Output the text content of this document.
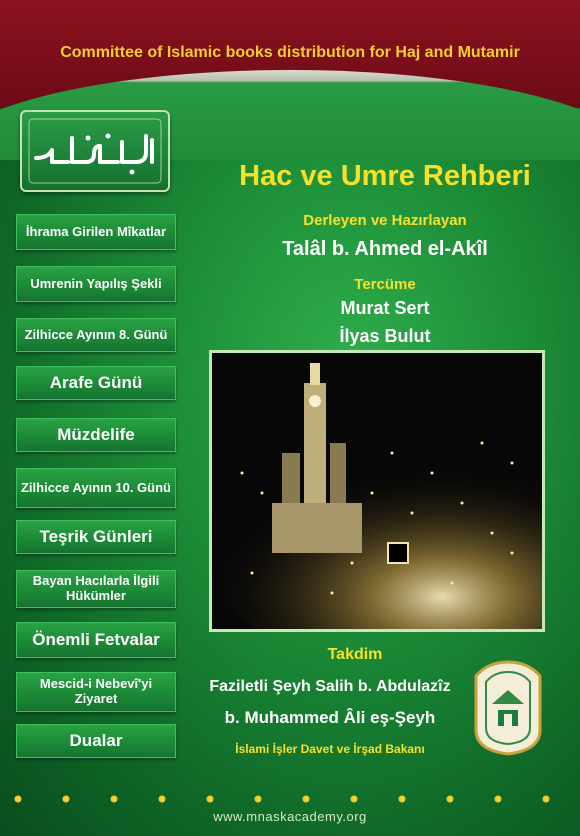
Committee of Islamic books distribution for Haj and Mutamir
İhrama Girilen Mîkatlar
Umrenin Yapılış Şekli
Zilhicce Ayının 8. Günü
Arafe Günü
Müzdelife
Zilhicce Ayının 10. Günü
Teşrik Günleri
Bayan Hacılarla İlgili Hükümler
Önemli Fetvalar
Mescid-i Nebevî'yi Ziyaret
Dualar
Hac ve Umre Rehberi
Derleyen ve Hazırlayan
Talâl b. Ahmed el-Akîl
Tercüme
Murat Sert
İlyas Bulut
Takdim
Faziletli Şeyh Salih b. Abdulazîz
b. Muhammed Âli eş-Şeyh
İslami İşler Davet ve İrşad Bakanı
www.mnaskacademy.org
